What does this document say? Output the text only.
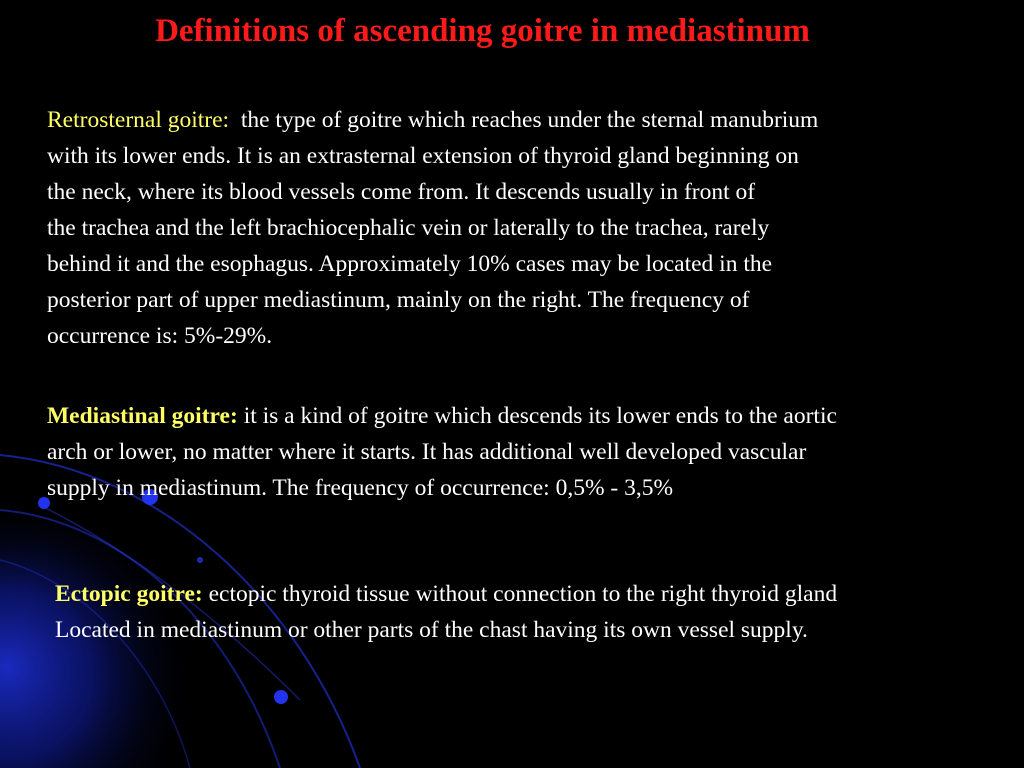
Definitions of ascending goitre in mediastinum

Retrosternal goitre: the type of goitre which reaches under the sternal manubrium
with its lower ends. It is an extrasternal extension of thyroid gland beginning on
the neck, where its blood vessels come from. It descends usually in front of
the trachea and the left brachiocephalic vein or laterally to the trachea, rarely
behind it and the esophagus. Approximately 10% cases may be located in the
posterior part of upper mediastinum, mainly on the right. The frequency of
occurrence is: 5%-29%.

Mediastinal goitre: it is a kind of goitre which descends its lower ends to the aortic
arch or lower, no matter where it starts. It has additional well developed vascular
supply in mediastinum. The frequency of occurrence: 0,5% - 3,5%

Ectopic goitre: ectopic thyroid tissue without connection to the right thyroid gland
Located in mediastinum or other parts of the chast having its own vessel supply.
